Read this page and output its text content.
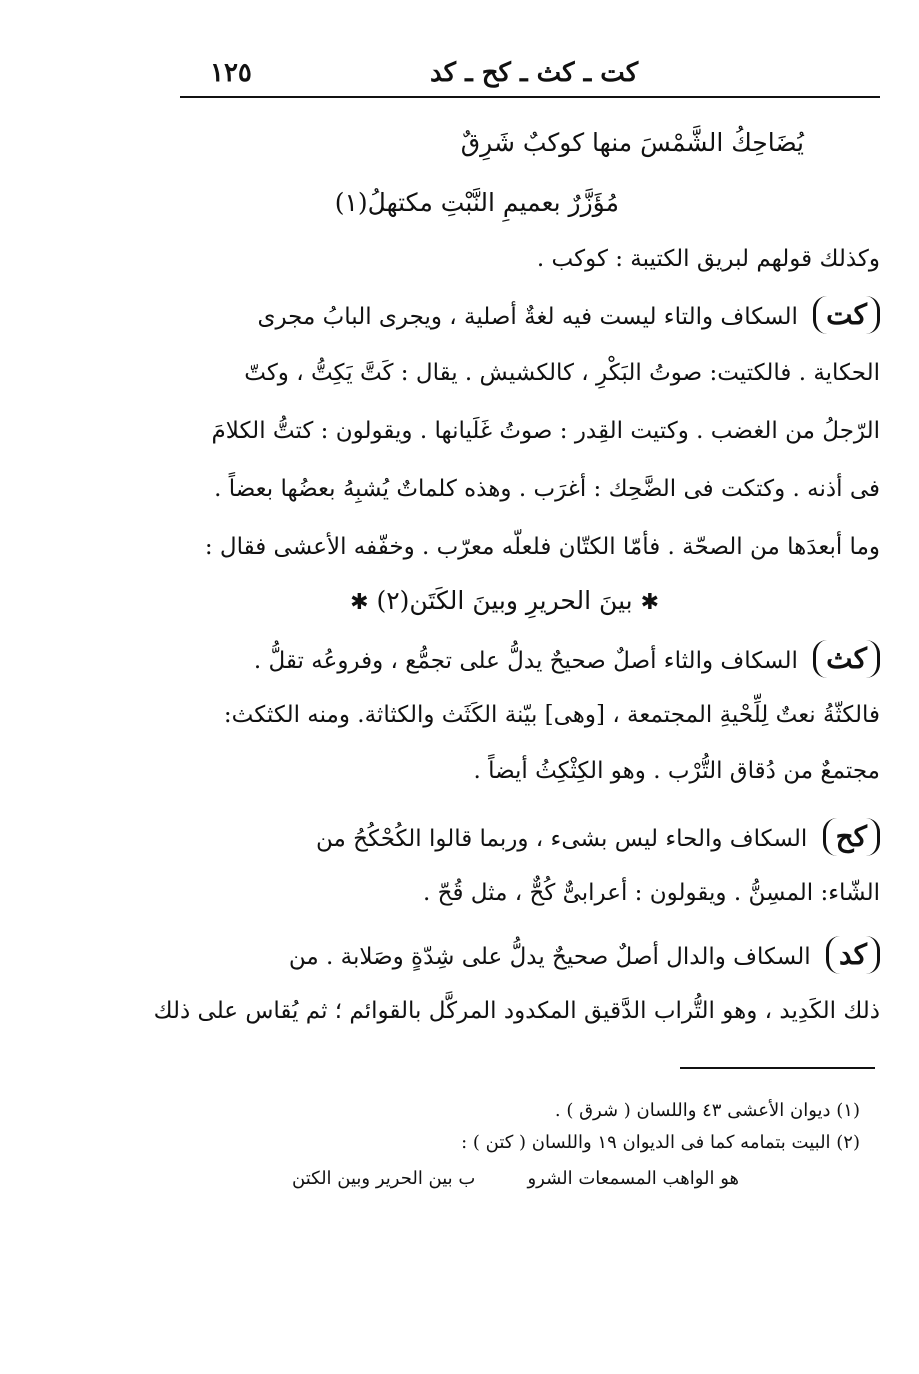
١٢٥	كت ـ كث ـ كح ـ كد
يُضَاحِكُ الشَّمْسَ منها كوكبٌ شَرِقٌ
مُؤَزَّرٌ بعميمِ النَّبْتِ مكتهلُ(١)
وكذلك قولهم لبريق الكتيبة : كوكب .
كت السكاف والتاء ليست فيه لغةٌ أصلية ، ويجرى البابُ مجرى
الحكاية . فالكتيت: صوتُ البَكْرِ ، كالكشيش . يقال : كَتَّ يَكِتُّ ، وكتّ
الرّجلُ من الغضب . وكتيت القِدر : صوتُ غَلَيانها . ويقولون : كتتُّ الكلامَ
فى أذنه . وكتكت فى الضَّحِك : أغرَب . وهذه كلماتٌ يُشبِهُ بعضُها بعضاً .
وما أبعدَها من الصحّة . فأمّا الكتّان فلعلّه معرّب . وخفّفه الأعشى فقال :
✱ بينَ الحريرِ وبينَ الكَتَن(٢) ✱
كث السكاف والثاء أصلٌ صحيحٌ يدلُّ على تجمُّع ، وفروعُه تقلُّ .
فالكثّةُ نعتٌ لِلِّحْيةِ المجتمعة ، [وهى] بيّنة الكَثَث والكثاثة. ومنه الكثكث:
مجتمعٌ من دُقاق التُّرْب . وهو الكِثْكِثُ أيضاً .
كح السكاف والحاء ليس بشىء ، وربما قالوا الكُحْكُحُ من
الشّاء: المسِنُّ . ويقولون : أعرابىٌّ كُحٌّ ، مثل قُحّ .
كد السكاف والدال أصلٌ صحيحٌ يدلُّ على شِدّةٍ وصَلابة . من
ذلك الكَدِيد ، وهو التُّراب الدَّقيق المكدود المركَّل بالقوائم ؛ ثم يُقاس على ذلك
(١) ديوان الأعشى ٤٣ واللسان ( شرق ) .
(٢) البيت بتمامه كما فى الديوان ١٩ واللسان ( كتن ) :
هو الواهب المسمعات الشرو
ب بين الحرير وبين الكتن
